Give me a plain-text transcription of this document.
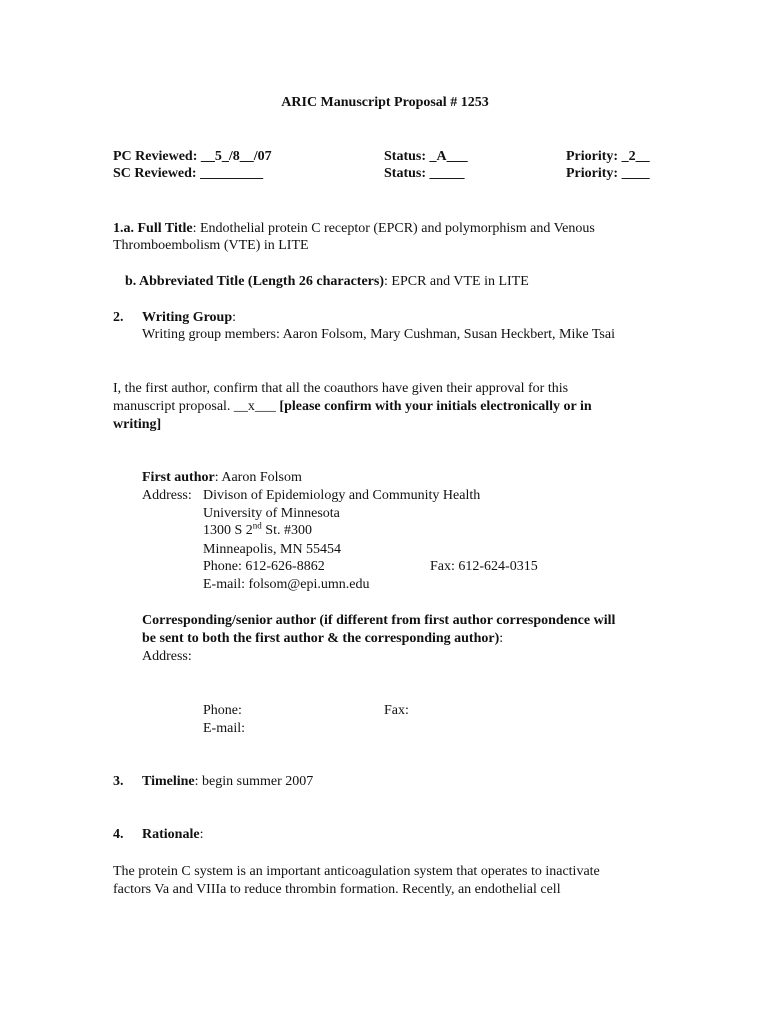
ARIC Manuscript Proposal # 1253
PC Reviewed: __5_/8__/07
SC Reviewed: _________
Status: _A___
Status: _____
Priority: _2__
Priority: ____
1.a. Full Title: Endothelial protein C receptor (EPCR) and polymorphism and Venous
Thromboembolism (VTE) in LITE
b. Abbreviated Title (Length 26 characters): EPCR and VTE in LITE
2. Writing Group:
Writing group members: Aaron Folsom, Mary Cushman, Susan Heckbert, Mike Tsai
I, the first author, confirm that all the coauthors have given their approval for this
manuscript proposal. __x___ [please confirm with your initials electronically or in
writing]
First author: Aaron Folsom
Address: Divison of Epidemiology and Community Health
University of Minnesota
1300 S 2nd St. #300
Minneapolis, MN 55454
Phone: 612-626-8862	Fax: 612-624-0315
E-mail: folsom@epi.umn.edu
Corresponding/senior author (if different from first author correspondence will
be sent to both the first author & the corresponding author):
Address:
Phone:	Fax:
E-mail:
3. Timeline: begin summer 2007
4. Rationale:
The protein C system is an important anticoagulation system that operates to inactivate
factors Va and VIIIa to reduce thrombin formation. Recently, an endothelial cell
